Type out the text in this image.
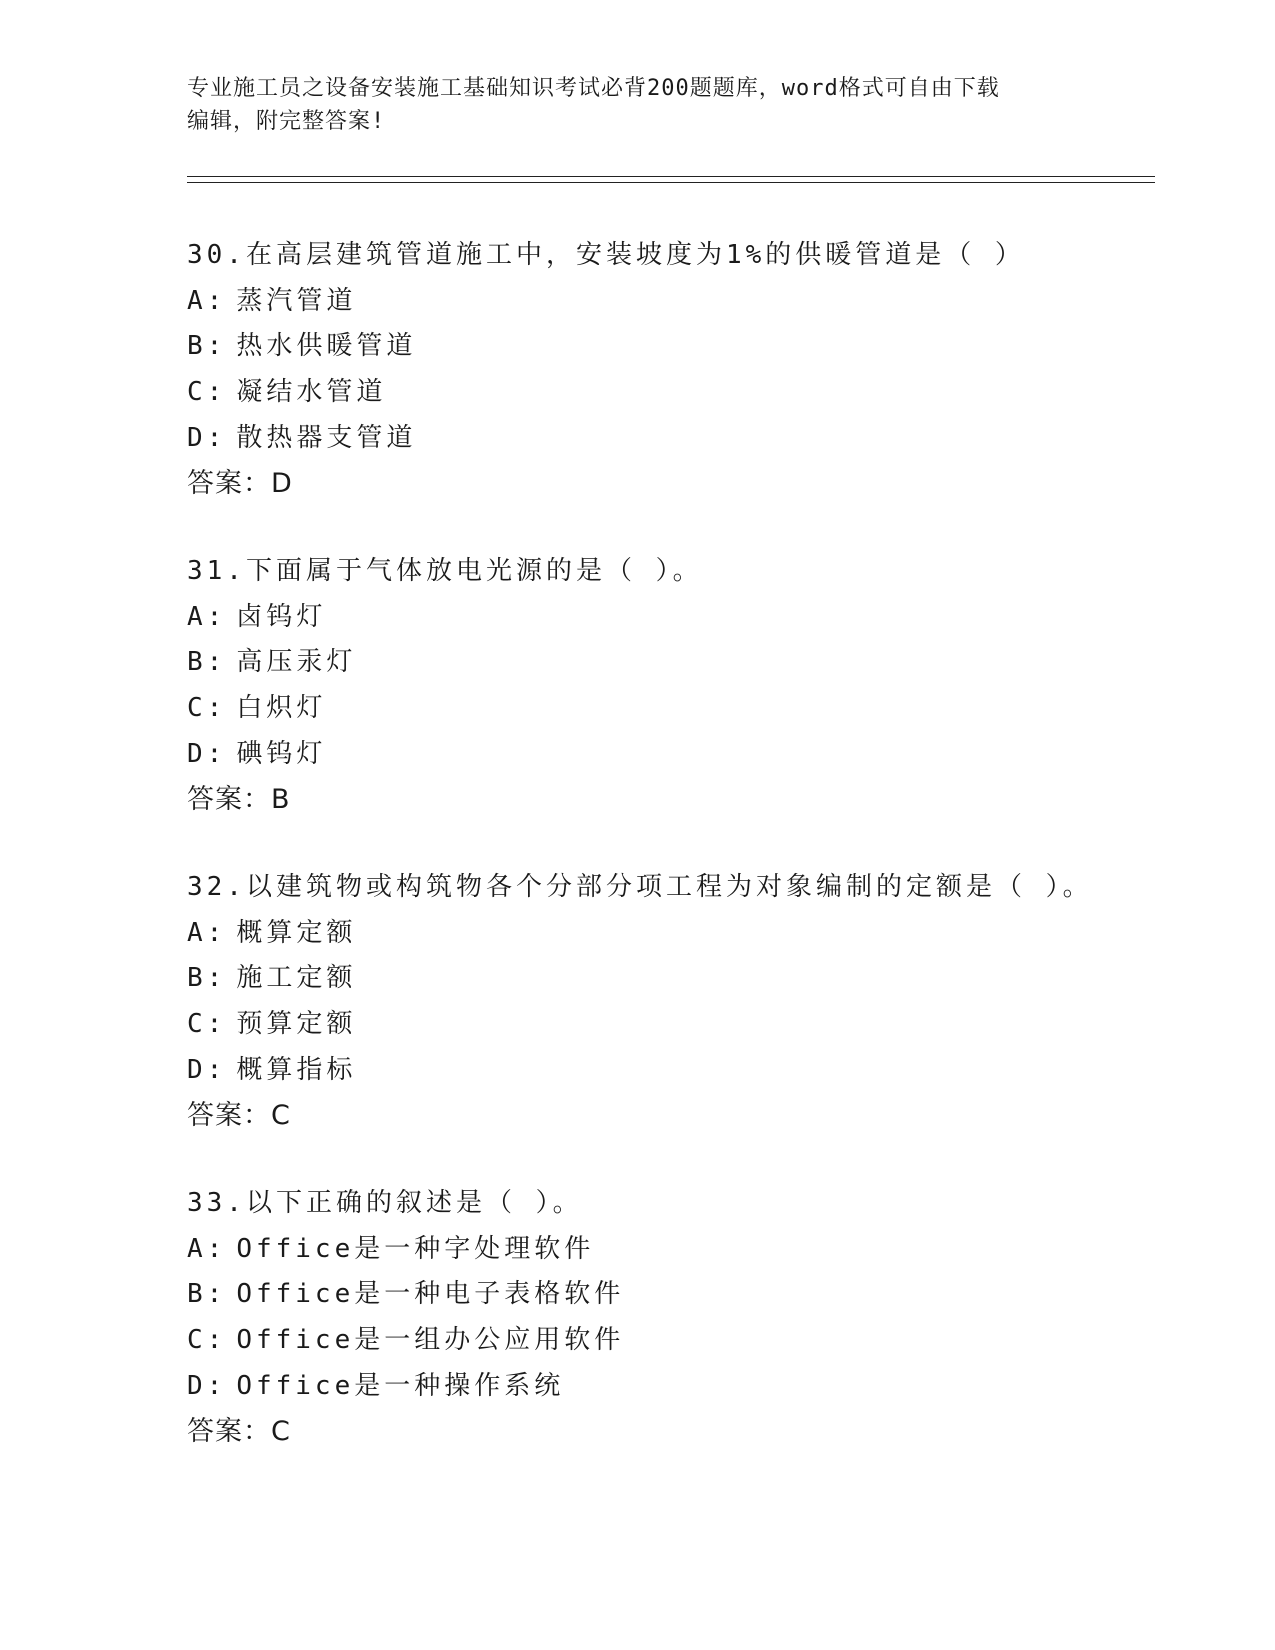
专业施工员之设备安装施工基础知识考试必背200题题库，word格式可自由下载
编辑，附完整答案!
30.在高层建筑管道施工中，安装坡度为1%的供暖管道是（ ）
A: 蒸汽管道
B: 热水供暖管道
C: 凝结水管道
D: 散热器支管道
答案：D
31.下面属于气体放电光源的是（ ）。
A: 卤钨灯
B: 高压汞灯
C: 白炽灯
D: 碘钨灯
答案：B
32.以建筑物或构筑物各个分部分项工程为对象编制的定额是（ ）。
A: 概算定额
B: 施工定额
C: 预算定额
D: 概算指标
答案：C
33.以下正确的叙述是（ ）。
A: Office是一种字处理软件
B: Office是一种电子表格软件
C: Office是一组办公应用软件
D: Office是一种操作系统
答案：C
